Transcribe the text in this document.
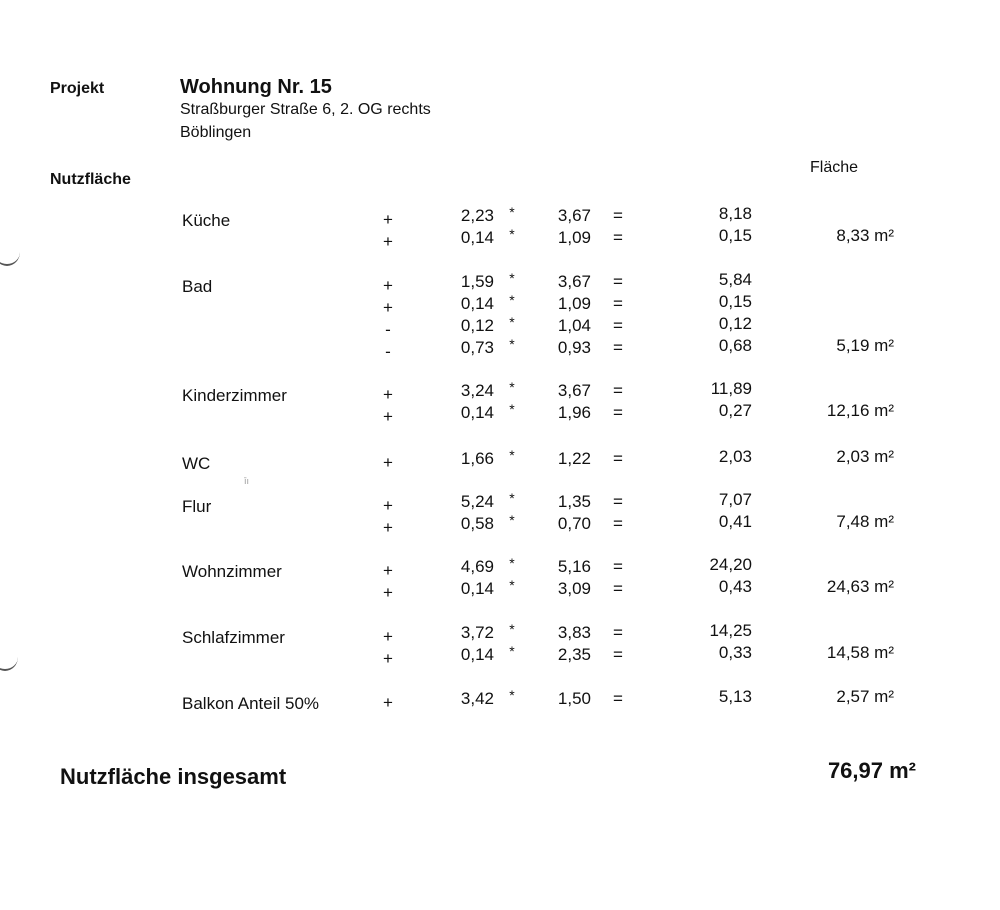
Projekt	Wohnung Nr. 15
Straßburger Straße 6, 2. OG rechts
Böblingen
Nutzfläche
Fläche
īı
Küche	+	2,23	*	3,67 =	8,18
+	0,14	*	1,09 =	0,15	8,33 m²
Bad	+	1,59	*	3,67 =	5,84
+	0,14	*	1,09 =	0,15
-	0,12	*	1,04 =	0,12
-	0,73	*	0,93 =	0,68	5,19 m²
Kinderzimmer	+	3,24	*	3,67 =	11,89
+	0,14	*	1,96 =	0,27	12,16 m²
WC	+	1,66	*	1,22 =	2,03	2,03 m²
Flur	+	5,24	*	1,35 =	7,07
+	0,58	*	0,70 =	0,41	7,48 m²
Wohnzimmer	+	4,69	*	5,16 =	24,20
+	0,14	*	3,09 =	0,43	24,63 m²
Schlafzimmer	+	3,72	*	3,83 =	14,25
+	0,14	*	2,35 =	0,33	14,58 m²
Balkon Anteil 50%	+	3,42	*	1,50 =	5,13	2,57 m²
Nutzfläche insgesamt	76,97 m²
